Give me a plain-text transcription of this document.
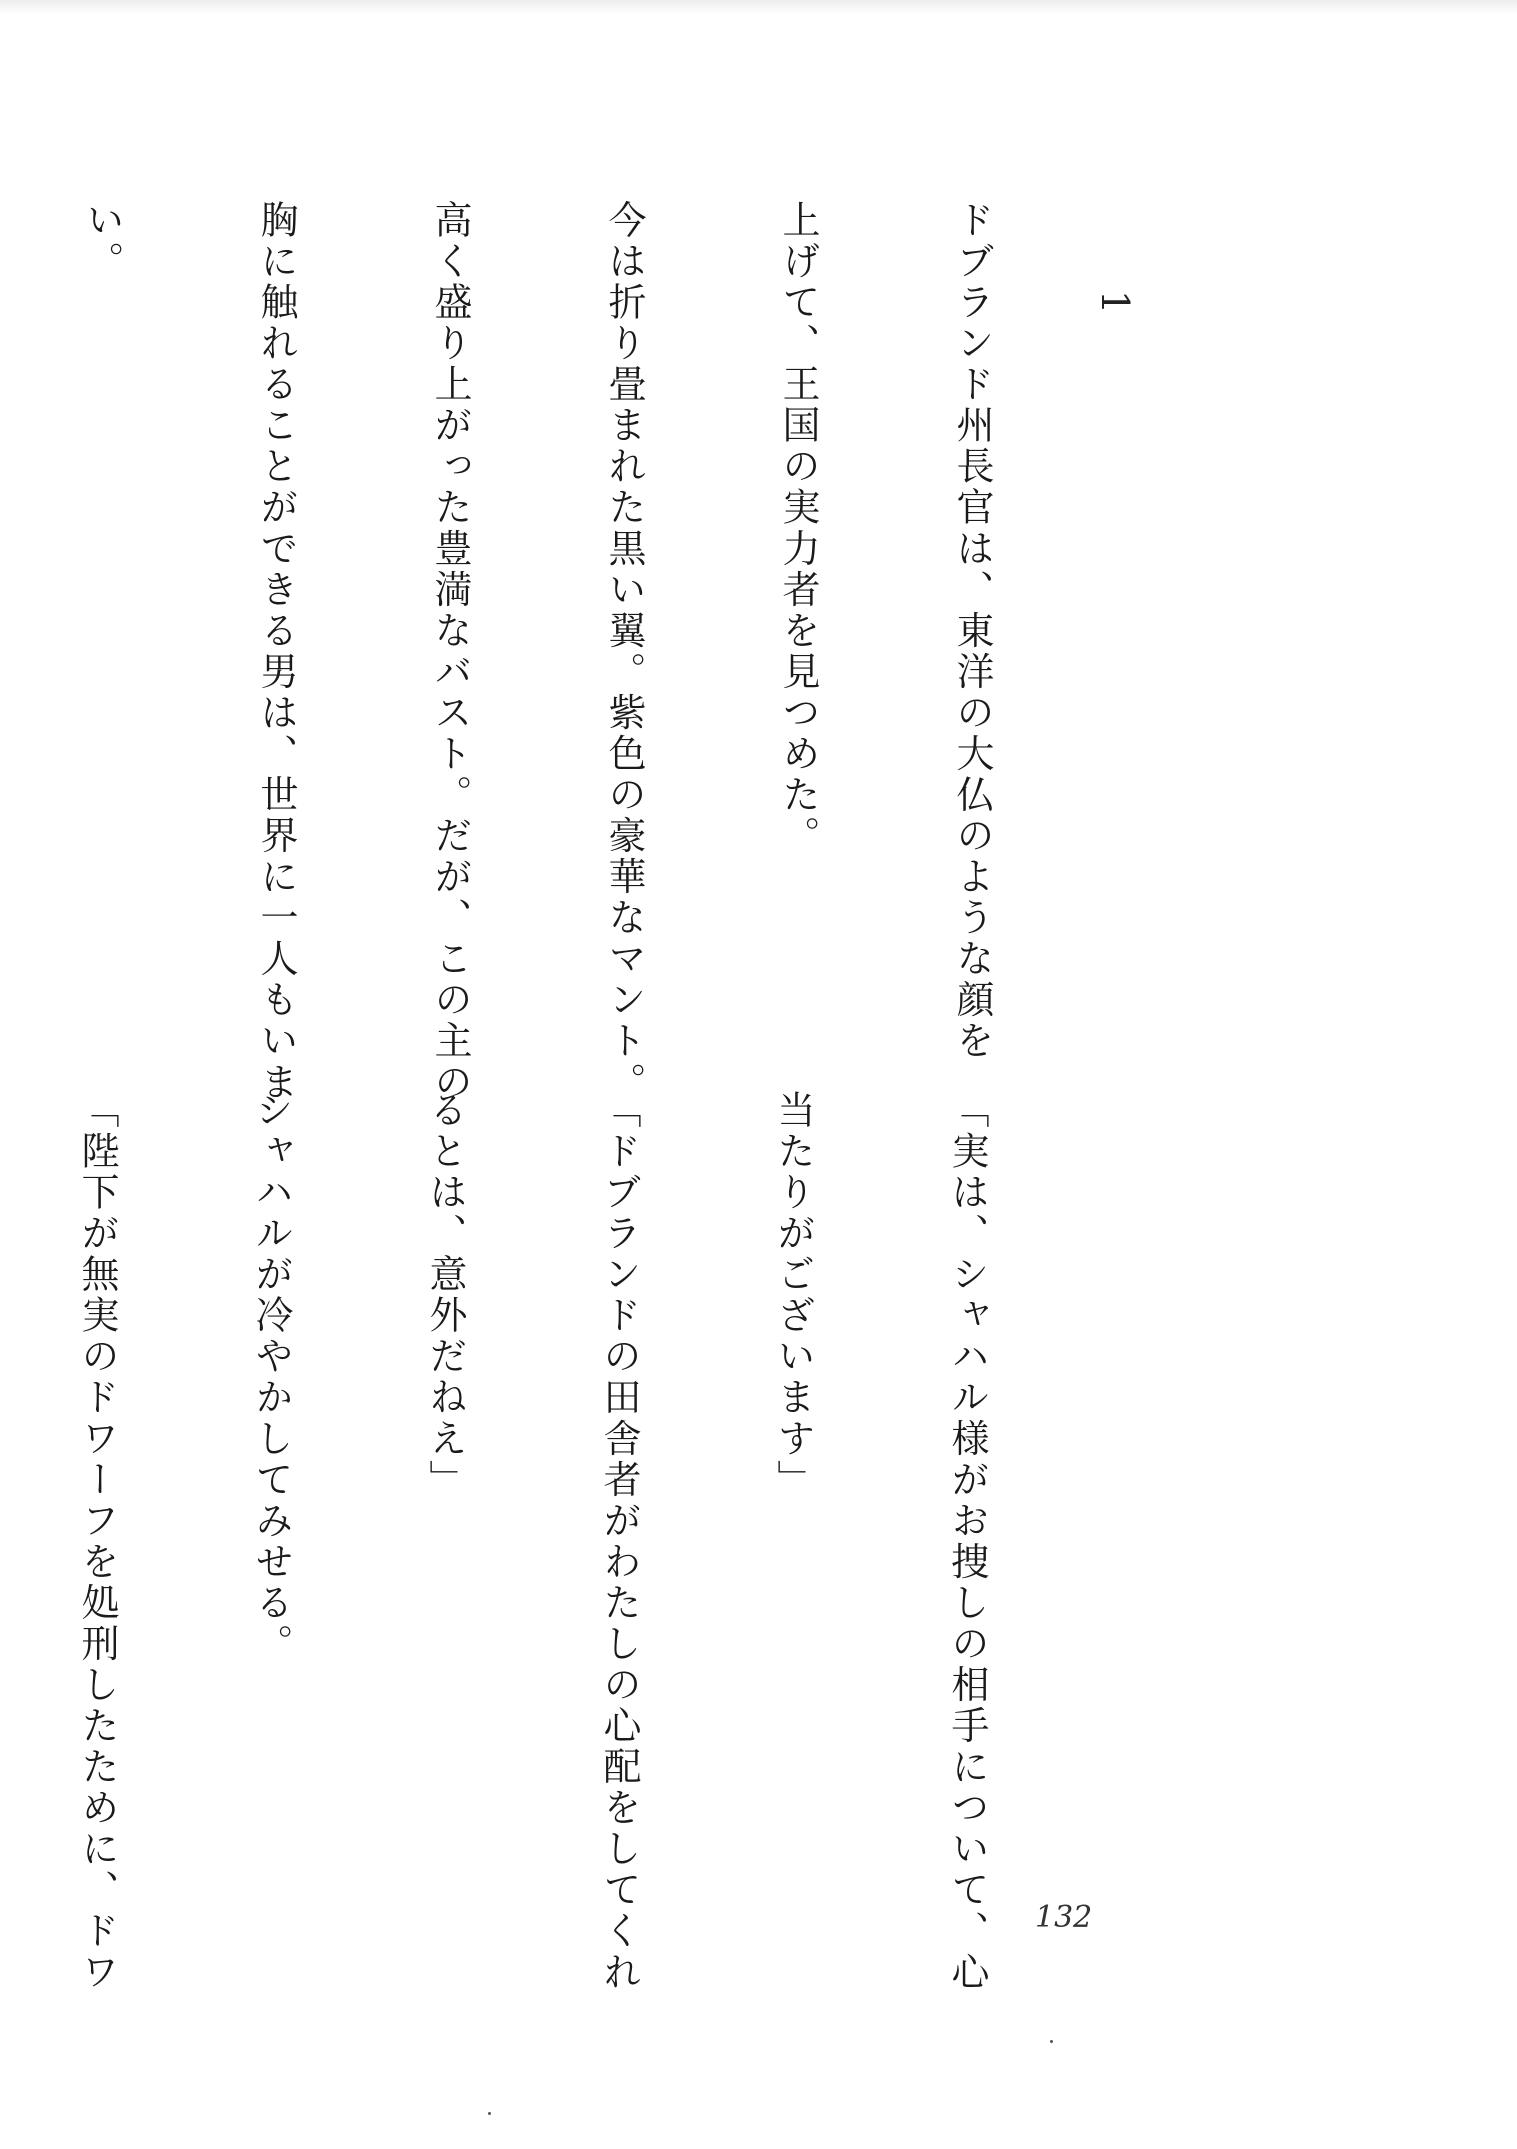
1

ドブランド州長官は、東洋の大仏のような顔を

上げて、王国の実力者を見つめた。

今は折り畳まれた黒い翼。紫色の豪華なマント。

高く盛り上がった豊満なバスト。だが、この主の

胸に触れることができる男は、世界に一人もいま

い。

「実は、シャハル様がお捜しの相手について、心

当たりがございます」

「ドブランドの田舎者がわたしの心配をしてくれ

るとは、意外だねえ」

シャハルが冷やかしてみせる。

「陛下が無実のドワーフを処刑したために、ドワ

	132
